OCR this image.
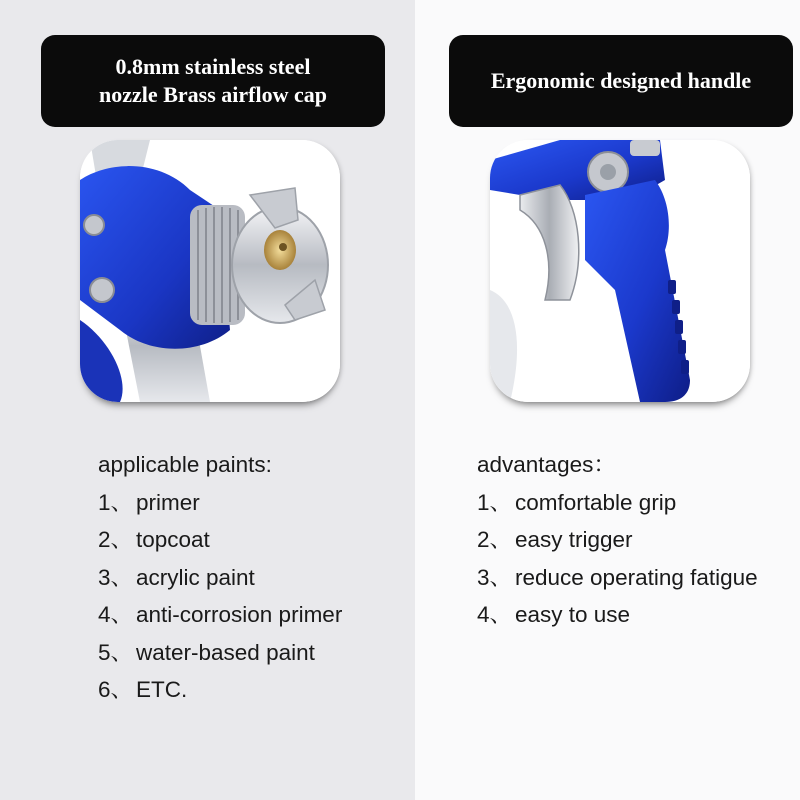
0.8mm stainless steel
nozzle Brass airflow cap
Ergonomic designed handle
applicable paints:
1、 primer
2、 topcoat
3、 acrylic paint
4、 anti-corrosion primer
5、 water-based paint
6、 ETC.
advantages：
1、 comfortable grip
2、 easy trigger
3、 reduce operating fatigue
4、 easy to use
